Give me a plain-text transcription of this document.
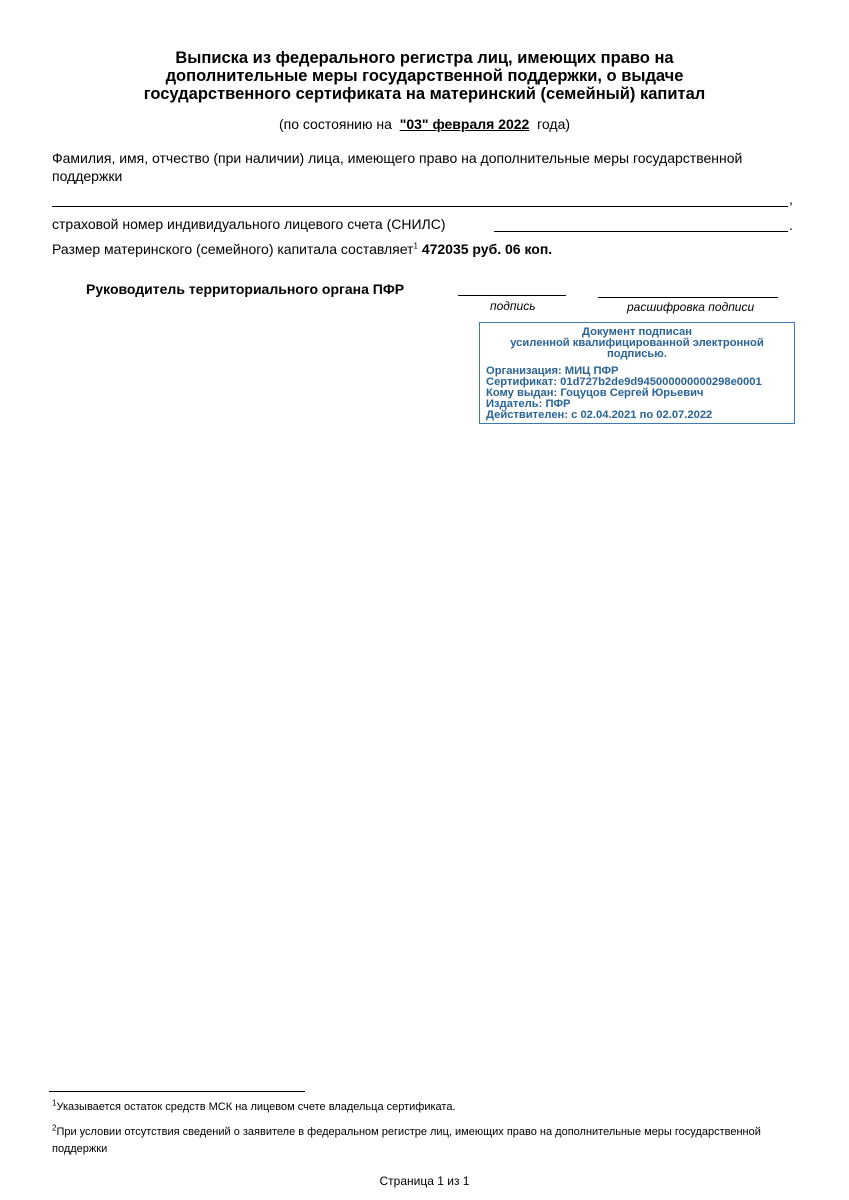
Выписка из федерального регистра лиц, имеющих право на
дополнительные меры государственной поддержки, о выдаче
государственного сертификата на материнский (семейный) капитал
(по состоянию на "03" февраля 2022 года)
Фамилия, имя, отчество (при наличии) лица, имеющего право на дополнительные меры государственной поддержки
,
страховой номер индивидуального лицевого счета (СНИЛС)	.
Размер материнского (семейного) капитала составляет$^1$ 472035 руб. 06 коп.
Руководитель территориального органа ПФР
подпись	расшифровка подписи
Документ подписан
усиленной квалифицированной электронной
подписью.
Организация: МИЦ ПФР
Сертификат: 01d727b2de9d945000000000298e0001
Кому выдан: Гоцуцов Сергей Юрьевич
Издатель: ПФР
Действителен: с 02.04.2021 по 02.07.2022
$^1$Указывается остаток средств МСК на лицевом счете владельца сертификата.
$^2$При условии отсутствия сведений о заявителе в федеральном регистре лиц, имеющих право на дополнительные меры государственной поддержки
Страница 1 из 1
